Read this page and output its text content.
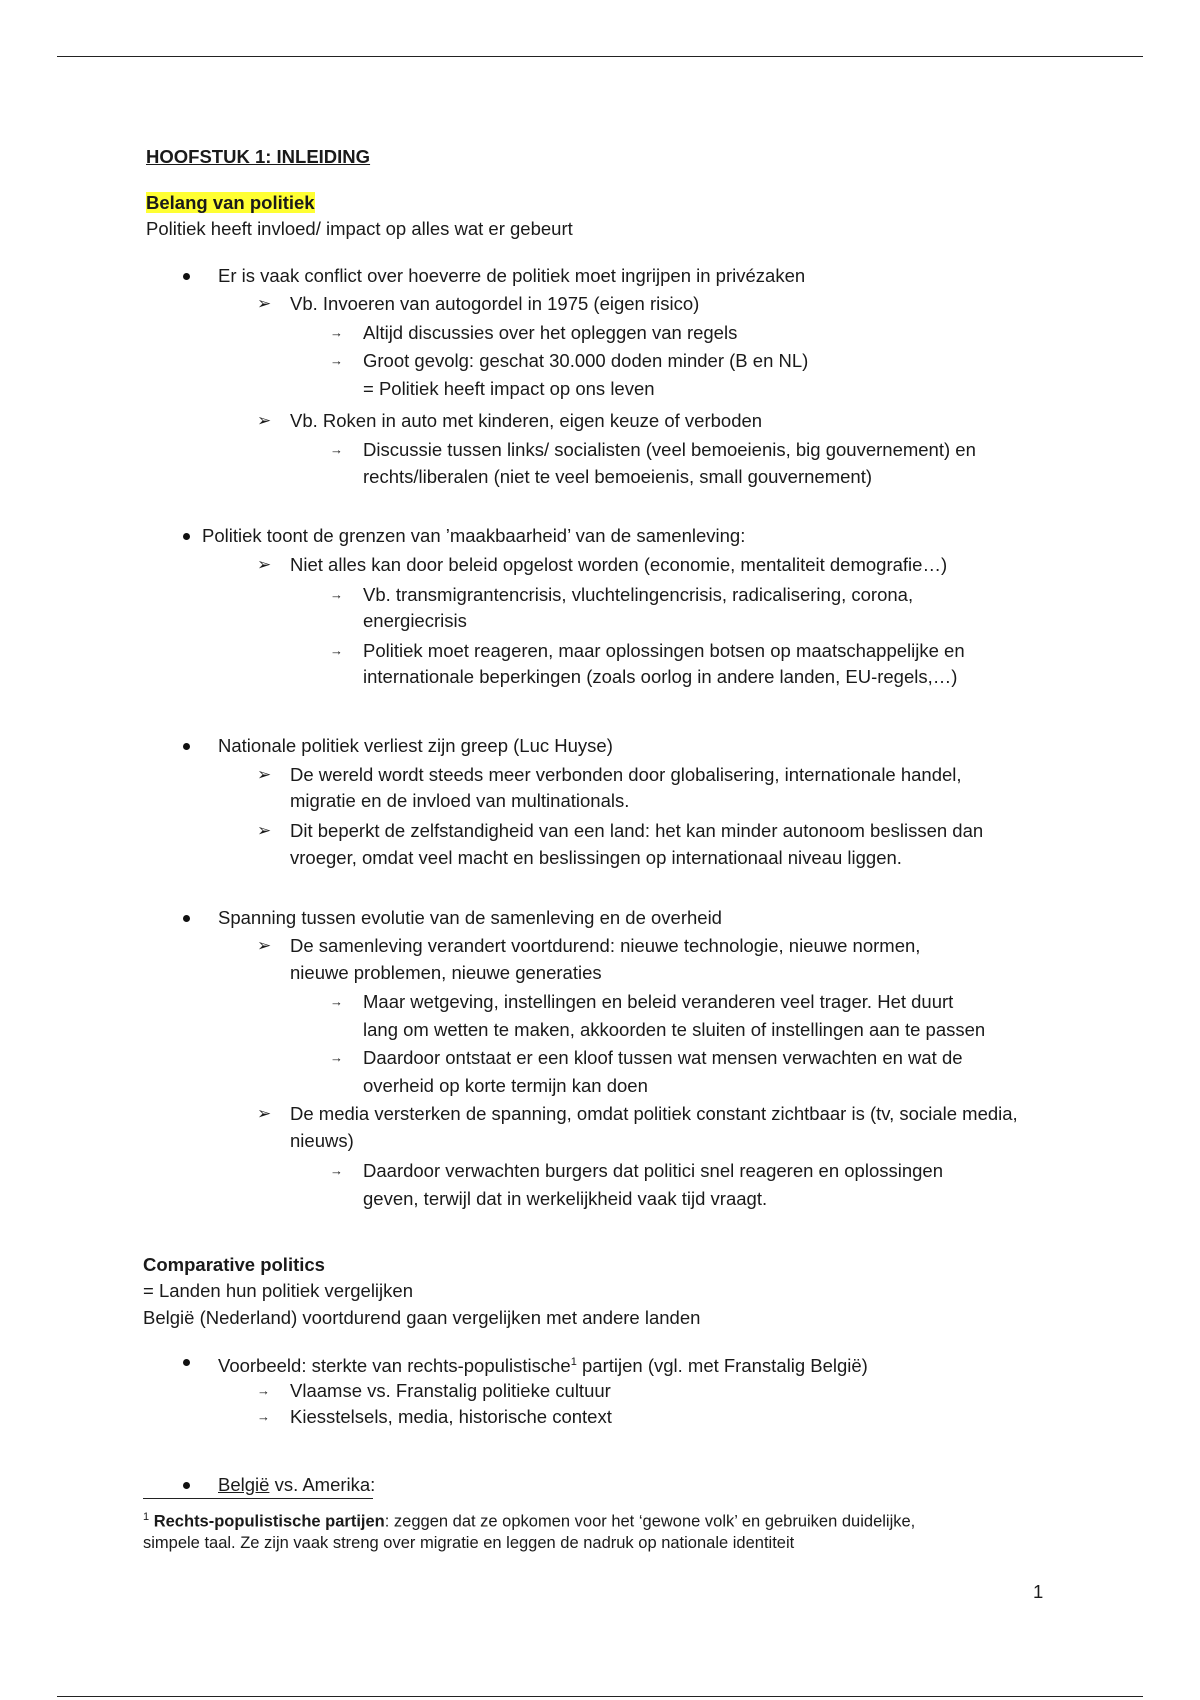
HOOFSTUK 1: INLEIDING
Belang van politiek
Politiek heeft invloed/ impact op alles wat er gebeurt
Er is vaak conflict over hoeverre de politiek moet ingrijpen in privézaken
➢ Vb. Invoeren van autogordel in 1975 (eigen risico)
→ Altijd discussies over het opleggen van regels
→ Groot gevolg: geschat 30.000 doden minder (B en NL)
= Politiek heeft impact op ons leven
➢ Vb. Roken in auto met kinderen, eigen keuze of verboden
→ Discussie tussen links/ socialisten (veel bemoeienis, big gouvernement) en
rechts/liberalen (niet te veel bemoeienis, small gouvernement)
Politiek toont de grenzen van ’maakbaarheid’ van de samenleving:
➢ Niet alles kan door beleid opgelost worden (economie, mentaliteit demografie…)
→ Vb. transmigrantencrisis, vluchtelingencrisis, radicalisering, corona,
energiecrisis
→ Politiek moet reageren, maar oplossingen botsen op maatschappelijke en
internationale beperkingen (zoals oorlog in andere landen, EU-regels,…)
Nationale politiek verliest zijn greep (Luc Huyse)
➢ De wereld wordt steeds meer verbonden door globalisering, internationale handel,
migratie en de invloed van multinationals.
➢ Dit beperkt de zelfstandigheid van een land: het kan minder autonoom beslissen dan
vroeger, omdat veel macht en beslissingen op internationaal niveau liggen.
Spanning tussen evolutie van de samenleving en de overheid
➢ De samenleving verandert voortdurend: nieuwe technologie, nieuwe normen,
nieuwe problemen, nieuwe generaties
→ Maar wetgeving, instellingen en beleid veranderen veel trager. Het duurt
lang om wetten te maken, akkoorden te sluiten of instellingen aan te passen
→ Daardoor ontstaat er een kloof tussen wat mensen verwachten en wat de
overheid op korte termijn kan doen
➢ De media versterken de spanning, omdat politiek constant zichtbaar is (tv, sociale media,
nieuws)
→ Daardoor verwachten burgers dat politici snel reageren en oplossingen
geven, terwijl dat in werkelijkheid vaak tijd vraagt.
Comparative politics
= Landen hun politiek vergelijken
België (Nederland) voortdurend gaan vergelijken met andere landen
Voorbeeld: sterkte van rechts-populistische$^1$ partijen (vgl. met Franstalig België)
→ Vlaamse vs. Franstalig politieke cultuur
→ Kiesstelsels, media, historische context
België vs. Amerika:
$^1$ Rechts-populistische partijen: zeggen dat ze opkomen voor het ‘gewone volk’ en gebruiken duidelijke,
simpele taal. Ze zijn vaak streng over migratie en leggen de nadruk op nationale identiteit
1
